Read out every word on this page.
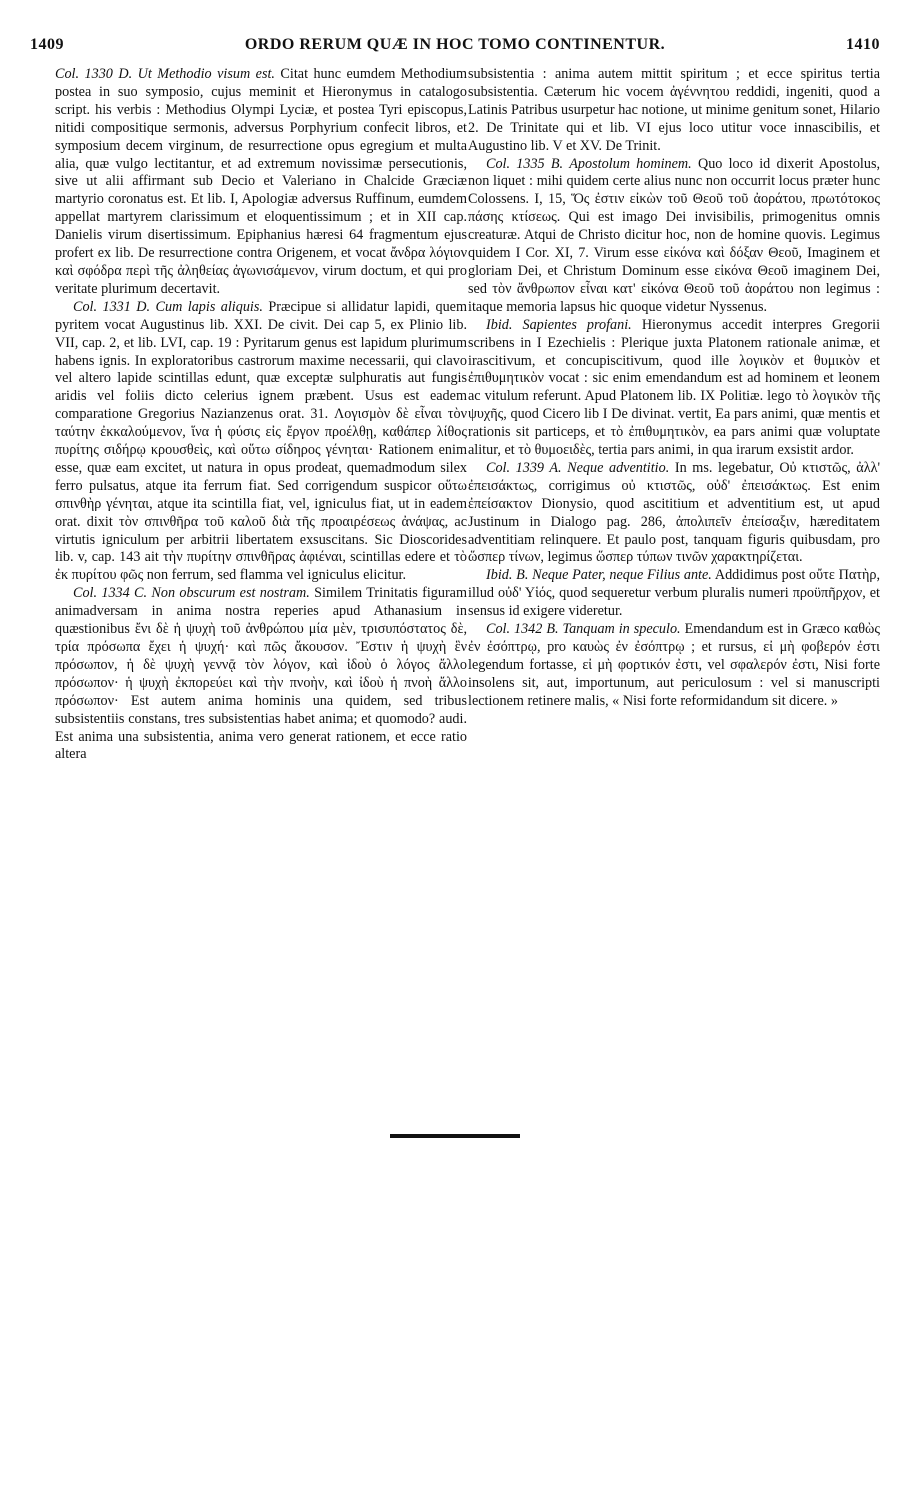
1409	ORDO RERUM QUÆ IN HOC TOMO CONTINENTUR.	1410

Col. 1330 D. Ut Methodio visum est. Citat hunc eumdem Methodium postea in suo symposio, cujus meminit et Hieronymus in catalogo script. his verbis : Methodius Olympi Lyciæ, et postea Tyri episcopus, nitidi compositique sermonis, adversus Porphyrium confecit libros, et symposium decem virginum, de resurrectione opus egregium et multa alia, quæ vulgo lectitantur, et ad extremum novissimæ persecutionis, sive ut alii affirmant sub Decio et Valeriano in Chalcide Græciæ martyrio coronatus est. Et lib. I, Apologiæ adversus Ruffinum, eumdem appellat martyrem clarissimum et eloquentissimum ; et in XII cap. Danielis virum disertissimum. Epiphanius hæresi 64 fragmentum ejus profert ex lib. De resurrectione contra Origenem, et vocat ἄνδρα λόγιον καὶ σφόδρα περὶ τῆς ἀληθείας ἀγωνισάμενον, virum doctum, et qui pro veritate plurimum decertavit.

Col. 1331 D. Cum lapis aliquis. Præcipue si allidatur lapidi, quem pyritem vocat Augustinus lib. XXI. De civit. Dei cap 5, ex Plinio lib. VII, cap. 2, et lib. LVI, cap. 19 : Pyritarum genus est lapidum plurimum habens ignis. In exploratoribus castrorum maxime necessarii, qui clavo vel altero lapide scintillas edunt, quæ exceptæ sulphuratis aut fungis aridis vel foliis dicto celerius ignem præbent. Usus est eadem comparatione Gregorius Nazianzenus orat. 31. Λογισμὸν δὲ εἶναι τὸν ταύτην ἐκκαλούμενον, ἵνα ἡ φύσις εἰς ἔργον προέλθῃ, καθάπερ λίθος πυρίτης σιδήρῳ κρουσθεὶς, καὶ οὕτω σίδηρος γένηται· Rationem enim esse, quæ eam excitet, ut natura in opus prodeat, quemadmodum silex ferro pulsatus, atque ita ferrum fiat. Sed corrigendum suspicor οὕτω σπινθὴρ γένηται, atque ita scintilla fiat, vel, igniculus fiat, ut in eadem orat. dixit τὸν σπινθῆρα τοῦ καλοῦ διὰ τῆς προαιρέσεως ἀνάψας, ac virtutis igniculum per arbitrii libertatem exsuscitans. Sic Dioscorides lib. v, cap. 143 ait τὴν πυρίτην σπινθῆρας ἀφιέναι, scintillas edere et τὸ ἐκ πυρίτου φῶς non ferrum, sed flamma vel igniculus elicitur.

Col. 1334 C. Non obscurum est nostram. Similem Trinitatis figuram animadversam in anima nostra reperies apud Athanasium in quæstionibus ἔνι δὲ ἡ ψυχὴ τοῦ ἀνθρώπου μία μὲν, τρισυπόστατος δὲ, τρία πρόσωπα ἔχει ἡ ψυχή· καὶ πῶς ἄκουσον. Ἔστιν ἡ ψυχὴ ἓν πρόσωπον, ἡ δὲ ψυχὴ γεννᾷ τὸν λόγον, καὶ ἰδοὺ ὁ λόγος ἄλλο πρόσωπον· ἡ ψυχὴ ἐκπορεύει καὶ τὴν πνοὴν, καὶ ἰδοὺ ἡ πνοὴ ἄλλο πρόσωπον· Est autem anima hominis una quidem, sed tribus subsistentiis constans, tres subsistentias habet anima; et quomodo? audi. Est anima una subsistentia, anima vero generat rationem, et ecce ratio altera

subsistentia : anima autem mittit spiritum ; et ecce spiritus tertia subsistentia. Cæterum hic vocem ἀγέννητου reddidi, ingeniti, quod a Latinis Patribus usurpetur hac notione, ut minime genitum sonet, Hilario 2. De Trinitate qui et lib. VI ejus loco utitur voce innascibilis, et Augustino lib. V et XV. De Trinit.

Col. 1335 B. Apostolum hominem. Quo loco id dixerit Apostolus, non liquet : mihi quidem certe alius nunc non occurrit locus præter hunc Colossens. I, 15, Ὅς ἐστιν εἰκὼν τοῦ Θεοῦ τοῦ ἀοράτου, πρωτότοκος πάσης κτίσεως. Qui est imago Dei invisibilis, primogenitus omnis creaturæ. Atqui de Christo dicitur hoc, non de homine quovis. Legimus quidem I Cor. XI, 7. Virum esse εἰκόνα καὶ δόξαν Θεοῦ, Imaginem et gloriam Dei, et Christum Dominum esse εἰκόνα Θεοῦ imaginem Dei, sed τὸν ἄνθρωπον εἶναι κατ' εἰκόνα Θεοῦ τοῦ ἀοράτου non legimus : itaque memoria lapsus hic quoque videtur Nyssenus.

Ibid. Sapientes profani. Hieronymus accedit interpres Gregorii scribens in I Ezechielis : Plerique juxta Platonem rationale animæ, et irascitivum, et concupiscitivum, quod ille λογικὸν et θυμικὸν et ἐπιθυμητικὸν vocat : sic enim emendandum est ad hominem et leonem ac vitulum referunt. Apud Platonem lib. IX Politiæ. lego τὸ λογικὸν τῆς ψυχῆς, quod Cicero lib I De divinat. vertit, Ea pars animi, quæ mentis et rationis sit particeps, et τὸ ἐπιθυμητικὸν, ea pars animi quæ voluptate alitur, et τὸ θυμοειδὲς, tertia pars animi, in qua irarum exsistit ardor.

Col. 1339 A. Neque adventitio. In ms. legebatur, Οὐ κτιστῶς, ἀλλ' ἐπεισάκτως, corrigimus οὐ κτιστῶς, οὐδ' ἐπεισάκτως. Est enim ἐπείσακτον Dionysio, quod ascititium et adventitium est, ut apud Justinum in Dialogo pag. 286, ἀπολιπεῖν ἐπείσαξιν, hæreditatem adventitiam relinquere. Et paulo post, tanquam figuris quibusdam, pro ὥσπερ τίνων, legimus ὥσπερ τύπων τινῶν χαρακτηρίζεται.

Ibid. B. Neque Pater, neque Filius ante. Addidimus post οὔτε Πατὴρ, illud οὐδ' Υἱός, quod sequeretur verbum pluralis numeri προϋπῆρχον, et sensus id exigere videretur.

Col. 1342 B. Tanquam in speculo. Emendandum est in Græco καθὼς ἐν ἐσόπτρῳ, pro καυὼς ἐν ἐσόπτρῳ ; et rursus, εἰ μὴ φοβερόν ἐστι legendum fortasse, εἰ μὴ φορτικόν ἐστι, vel σφαλερόν ἐστι, Nisi forte insolens sit, aut, importunum, aut periculosum : vel si manuscripti lectionem retinere malis, « Nisi forte reformidandum sit dicere. »
